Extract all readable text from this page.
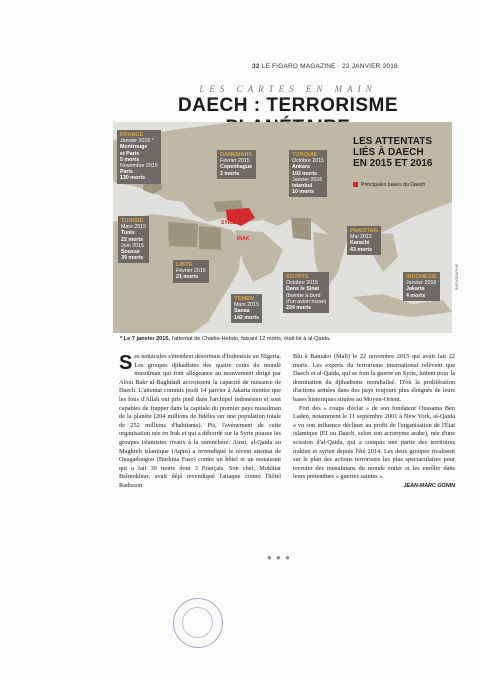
32 LE FIGARO MAGAZINE · 22 JANVIER 2016
LES CARTES EN MAIN
DAECH : TERRORISME
LES ATTENTATS
LIÉS À DAECH
EN 2015 ET 2016
Principales bases du Daech
SYRIE
IRAK
FRANCE
Janvier 2015 *
Montrouge
et Paris
5 morts
Novembre 2015
Paris
130 morts
DANEMARK
Février 2015
Copenhague
2 morts
TURQUIE
Octobre 2015
Ankara
102 morts
Janvier 2016
Istanbul
10 morts
TUNISIE
Mars 2015
Tunis
22 morts
Juin 2015
Sousse
39 morts
LIBYE
Février 2015
21 morts
YÉMEN
Mars 2015
Sanaa
142 morts
ÉGYPTE
Octobre 2015
Dans le Sinaï
(bombe à bord
d'un avion russe)
224 morts
PAKISTAN
Mai 2015
Karachi
43 morts
INDONÉSIE
Janvier 2016
Jakarta
4 morts
INFOGRAPHIE
* Le 7 janvier 2015, l'attentat de Charlie-Hebdo, faisant 12 morts, était lié à al-Qaida.
Ses tentacules s'étendent désormais d'Indonésie au Nigeria. Les groupes djihadistes des quatre coins du monde musulman qui font allégeance au mouvement dirigé par Abou Bakr al-Baghdadi accroissent la capacité de nuisance de Daech. L'attentat commis jeudi 14 janvier à Jakarta montre que les fous d'Allah ont pris pied dans l'archipel indonésien et sont capables de frapper dans la capitale du premier pays musulman de la planète (204 millions de fidèles sur une population totale de 252 millions d'habitants). Pis, l'avènement de cette organisation née en Irak et qui a débordé sur la Syrie pousse les groupes islamistes rivaux à la surenchère. Ainsi, al-Qaida au Maghreb islamique (Aqmi) a revendiqué le récent attentat de Ouagadougou (Burkina Faso) contre un hôtel et un restaurant qui a fait 30 morts dont 3 Français. Son chef, Mokhtar Belmokhtar, avait déjà revendiqué l'attaque contre l'hôtel Radisson
Blu à Bamako (Mali) le 22 novembre 2015 qui avait fait 22 morts. Les experts du terrorisme international relèvent que Daech et al-Qaida, qui se font la guerre en Syrie, luttent pour la domination du djihadisme mondialisé. D'où la prolifération d'actions armées dans des pays toujours plus éloignés de leurs bases historiques situées au Moyen-Orient.
Fort des « coups d'éclat » de son fondateur Oussama Ben Laden, notamment le 11 septembre 2001 à New York, al-Qaida a vu son influence décliner au profit de l'organisation de l'État islamique (EI ou Daech, selon son acronyme arabe), née d'une scission d'al-Qaida, qui a conquis une partie des territoires irakien et syrien depuis l'été 2014. Les deux groupes rivalisent sur le plan des actions terroristes les plus spectaculaires pour recruter des musulmans du monde entier et les enrôler dans leurs prétendues « guerres saintes ».
JEAN-MARC GONIN
● ● ●
